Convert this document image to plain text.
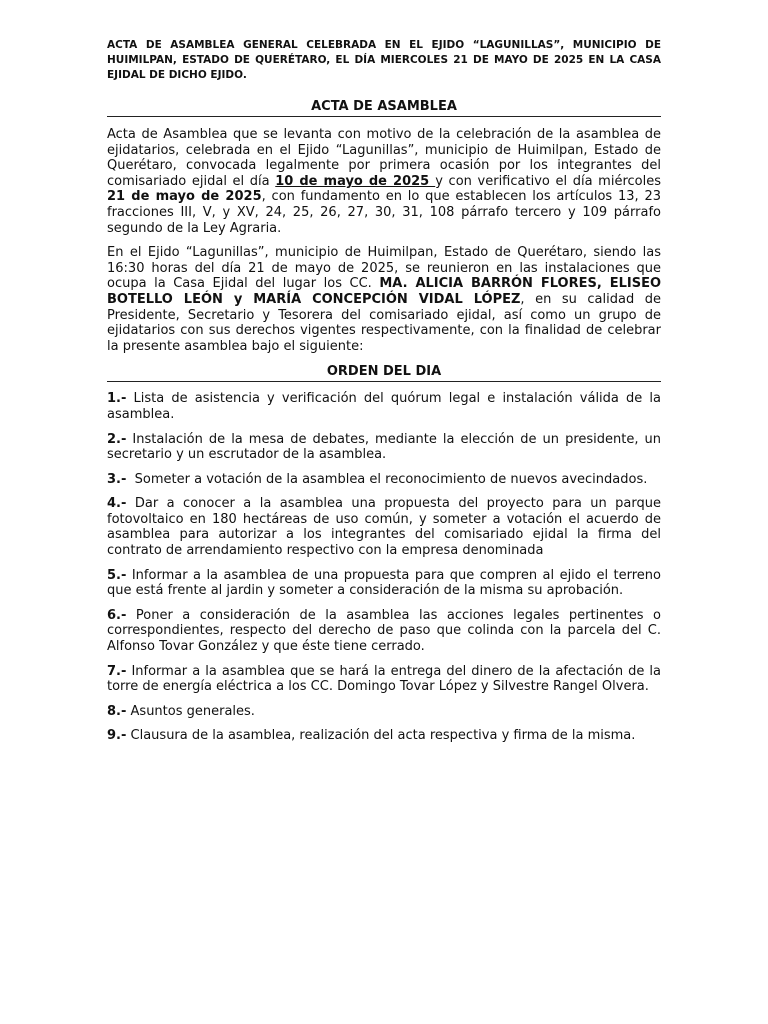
ACTA DE ASAMBLEA GENERAL CELEBRADA EN EL EJIDO “LAGUNILLAS”, MUNICIPIO DE HUIMILPAN, ESTADO DE QUERÉTARO, EL DÍA MIERCOLES 21 DE MAYO DE 2025 EN LA CASA EJIDAL DE DICHO EJIDO.

ACTA DE ASAMBLEA

Acta de Asamblea que se levanta con motivo de la celebración de la asamblea de ejidatarios, celebrada en el Ejido “Lagunillas”, municipio de Huimilpan, Estado de Querétaro, convocada legalmente por primera ocasión por los integrantes del comisariado ejidal el día 10 de mayo de 2025 y con verificativo el día miércoles 21 de mayo de 2025, con fundamento en lo que establecen los artículos 13, 23 fracciones III, V, y XV, 24, 25, 26, 27, 30, 31, 108 párrafo tercero y 109 párrafo segundo de la Ley Agraria.

En el Ejido “Lagunillas”, municipio de Huimilpan, Estado de Querétaro, siendo las 16:30 horas del día 21 de mayo de 2025, se reunieron en las instalaciones que ocupa la Casa Ejidal del lugar los CC. MA. ALICIA BARRÓN FLORES, ELISEO BOTELLO LEÓN y MARÍA CONCEPCIÓN VIDAL LÓPEZ, en su calidad de Presidente, Secretario y Tesorera del comisariado ejidal, así como un grupo de ejidatarios con sus derechos vigentes respectivamente, con la finalidad de celebrar la presente asamblea bajo el siguiente:

ORDEN DEL DIA

1.- Lista de asistencia y verificación del quórum legal e instalación válida de la asamblea.

2.- Instalación de la mesa de debates, mediante la elección de un presidente, un secretario y un escrutador de la asamblea.

3.-  Someter a votación de la asamblea el reconocimiento de nuevos avecindados.

4.- Dar a conocer a la asamblea una propuesta del proyecto para un parque fotovoltaico en 180 hectáreas de uso común, y someter a votación el acuerdo de asamblea para autorizar a los integrantes del comisariado ejidal la firma del contrato de arrendamiento respectivo con la empresa denominada

5.- Informar a la asamblea de una propuesta para que compren al ejido el terreno que está frente al jardin y someter a consideración de la misma su aprobación.

6.- Poner a consideración de la asamblea las acciones legales pertinentes o correspondientes, respecto del derecho de paso que colinda con la parcela del C. Alfonso Tovar González y que éste tiene cerrado.

7.- Informar a la asamblea que se hará la entrega del dinero de la afectación de la torre de energía eléctrica a los CC. Domingo Tovar López y Silvestre Rangel Olvera.

8.- Asuntos generales.

9.- Clausura de la asamblea, realización del acta respectiva y firma de la misma.
